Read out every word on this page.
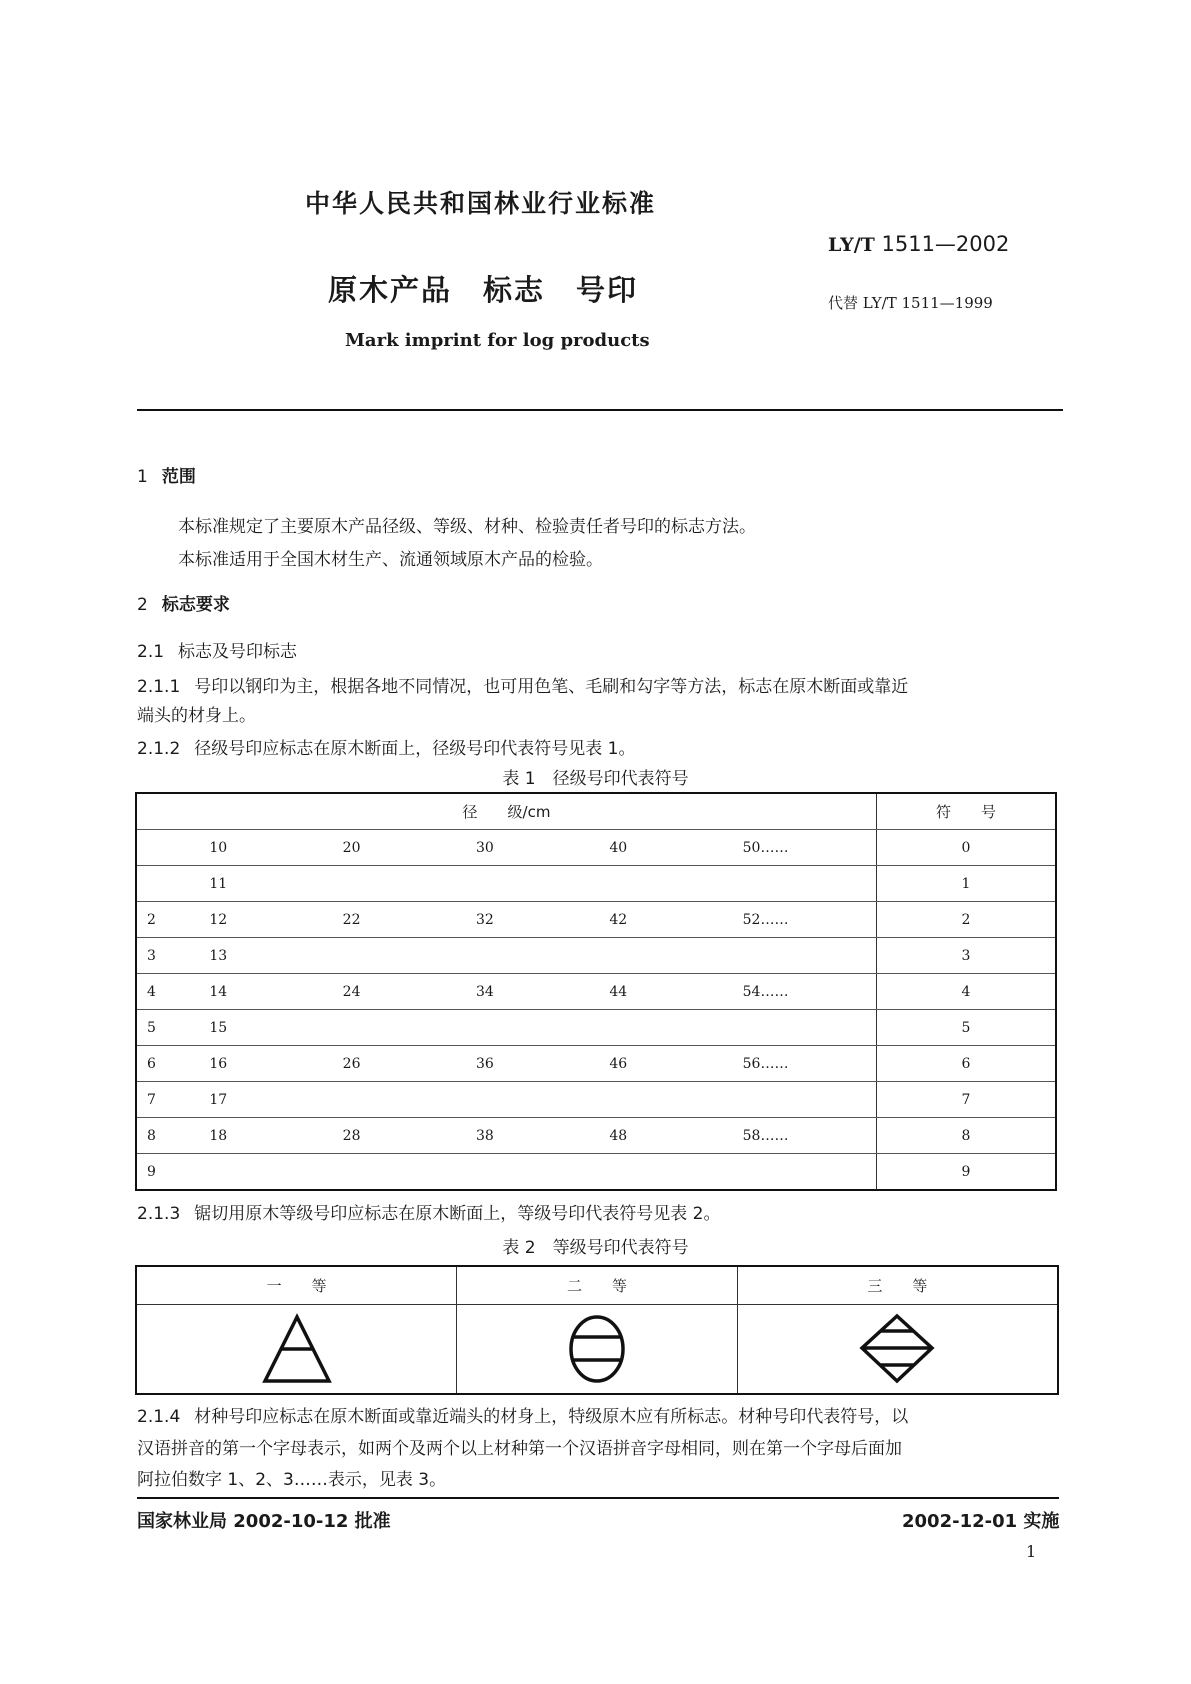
中华人民共和国林业行业标准
LY/T 1511—2002
原木产品　标志　号印	代替 LY/T 1511—1999
Mark imprint for log products
1 范围
本标准规定了主要原木产品径级、等级、材种、检验责任者号印的标志方法。
本标准适用于全国木材生产、流通领域原木产品的检验。
2 标志要求
2.1 标志及号印标志
2.1.1 号印以钢印为主，根据各地不同情况，也可用色笔、毛刷和勾字等方法，标志在原木断面或靠近
端头的材身上。
2.1.2 径级号印应标志在原木断面上，径级号印代表符号见表 1。
表 1　径级号印代表符号
径　　级/cm						符　　号
	10	20	30	40	50……	0
	11					1
2	12	22	32	42	52……	2
3	13					3
4	14	24	34	44	54……	4
5	15					5
6	16	26	36	46	56……	6
7	17					7
8	18	28	38	48	58……	8
9						9
2.1.3 锯切用原木等级号印应标志在原木断面上，等级号印代表符号见表 2。
表 2　等级号印代表符号
一　　等	二　　等	三　　等

2.1.4 材种号印应标志在原木断面或靠近端头的材身上，特级原木应有所标志。材种号印代表符号，以
汉语拼音的第一个字母表示，如两个及两个以上材种第一个汉语拼音字母相同，则在第一个字母后面加
阿拉伯数字 1、2、3……表示，见表 3。
国家林业局 2002-10-12 批准	2002-12-01 实施
1
